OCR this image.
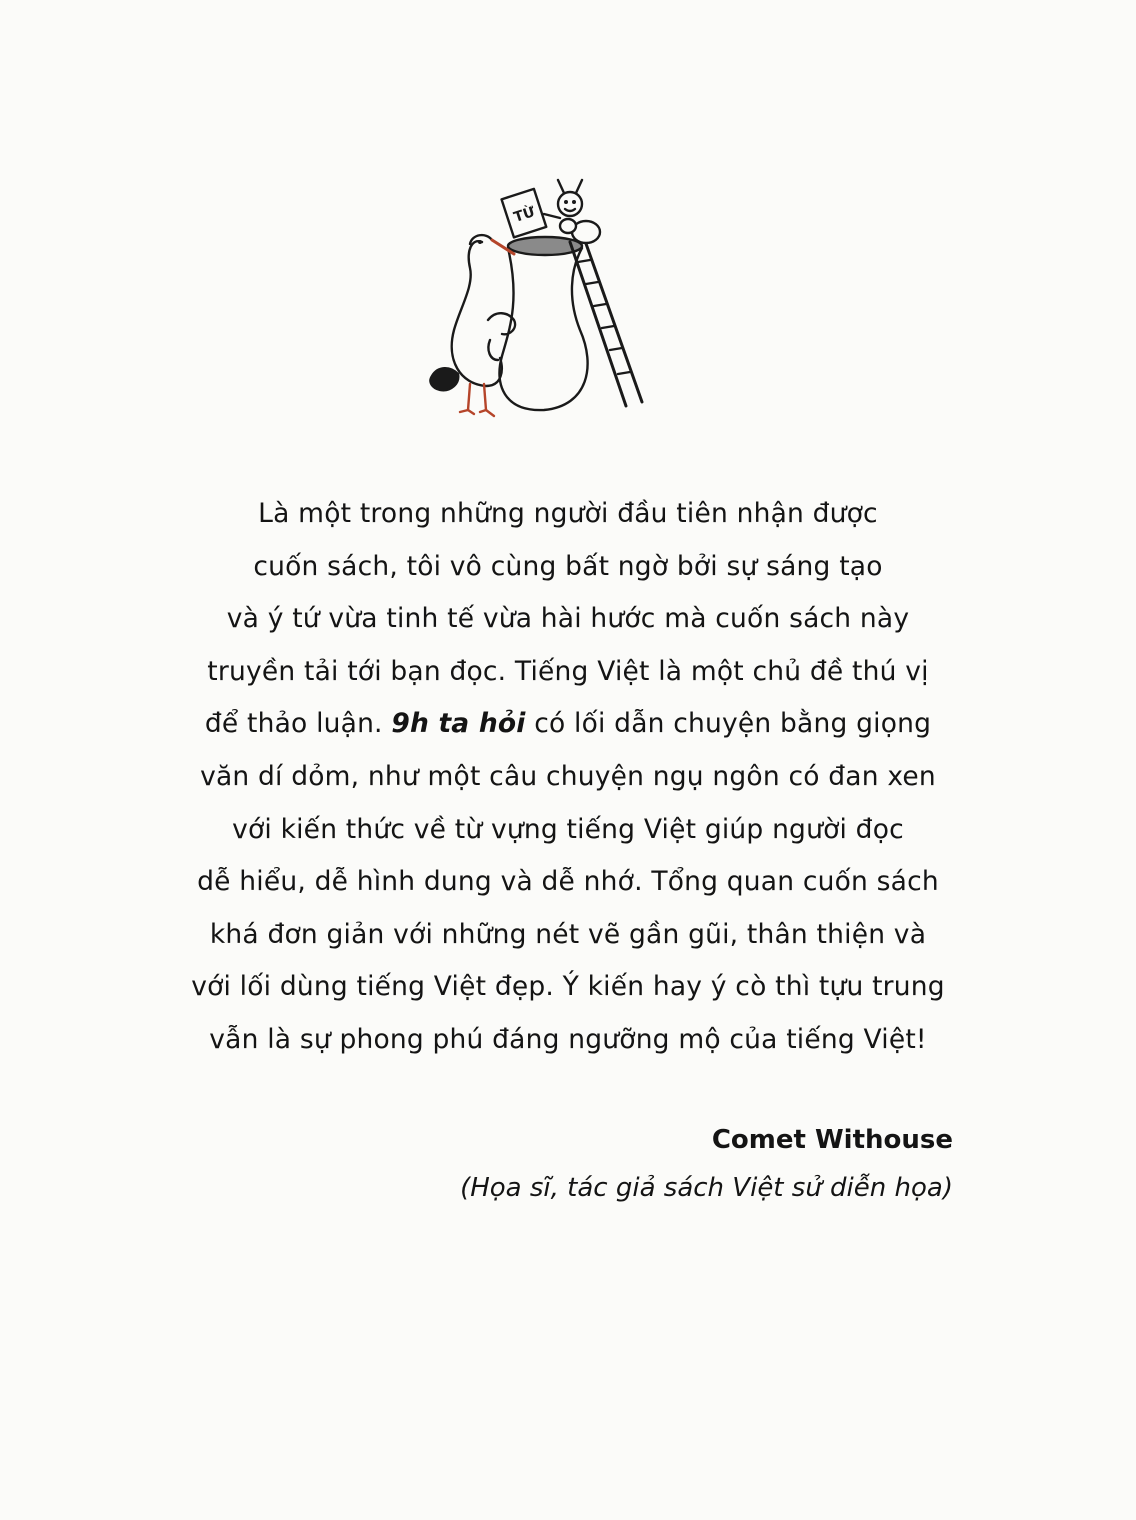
TỪ
Là một trong những người đầu tiên nhận được
cuốn sách, tôi vô cùng bất ngờ bởi sự sáng tạo
và ý tứ vừa tinh tế vừa hài hước mà cuốn sách này
truyền tải tới bạn đọc. Tiếng Việt là một chủ đề thú vị
để thảo luận. 9h ta hỏi có lối dẫn chuyện bằng giọng
văn dí dỏm, như một câu chuyện ngụ ngôn có đan xen
với kiến thức về từ vựng tiếng Việt giúp người đọc
dễ hiểu, dễ hình dung và dễ nhớ. Tổng quan cuốn sách
khá đơn giản với những nét vẽ gần gũi, thân thiện và
với lối dùng tiếng Việt đẹp. Ý kiến hay ý cò thì tựu trung
vẫn là sự phong phú đáng ngưỡng mộ của tiếng Việt!
Comet Withouse
(Họa sĩ, tác giả sách Việt sử diễn họa)
